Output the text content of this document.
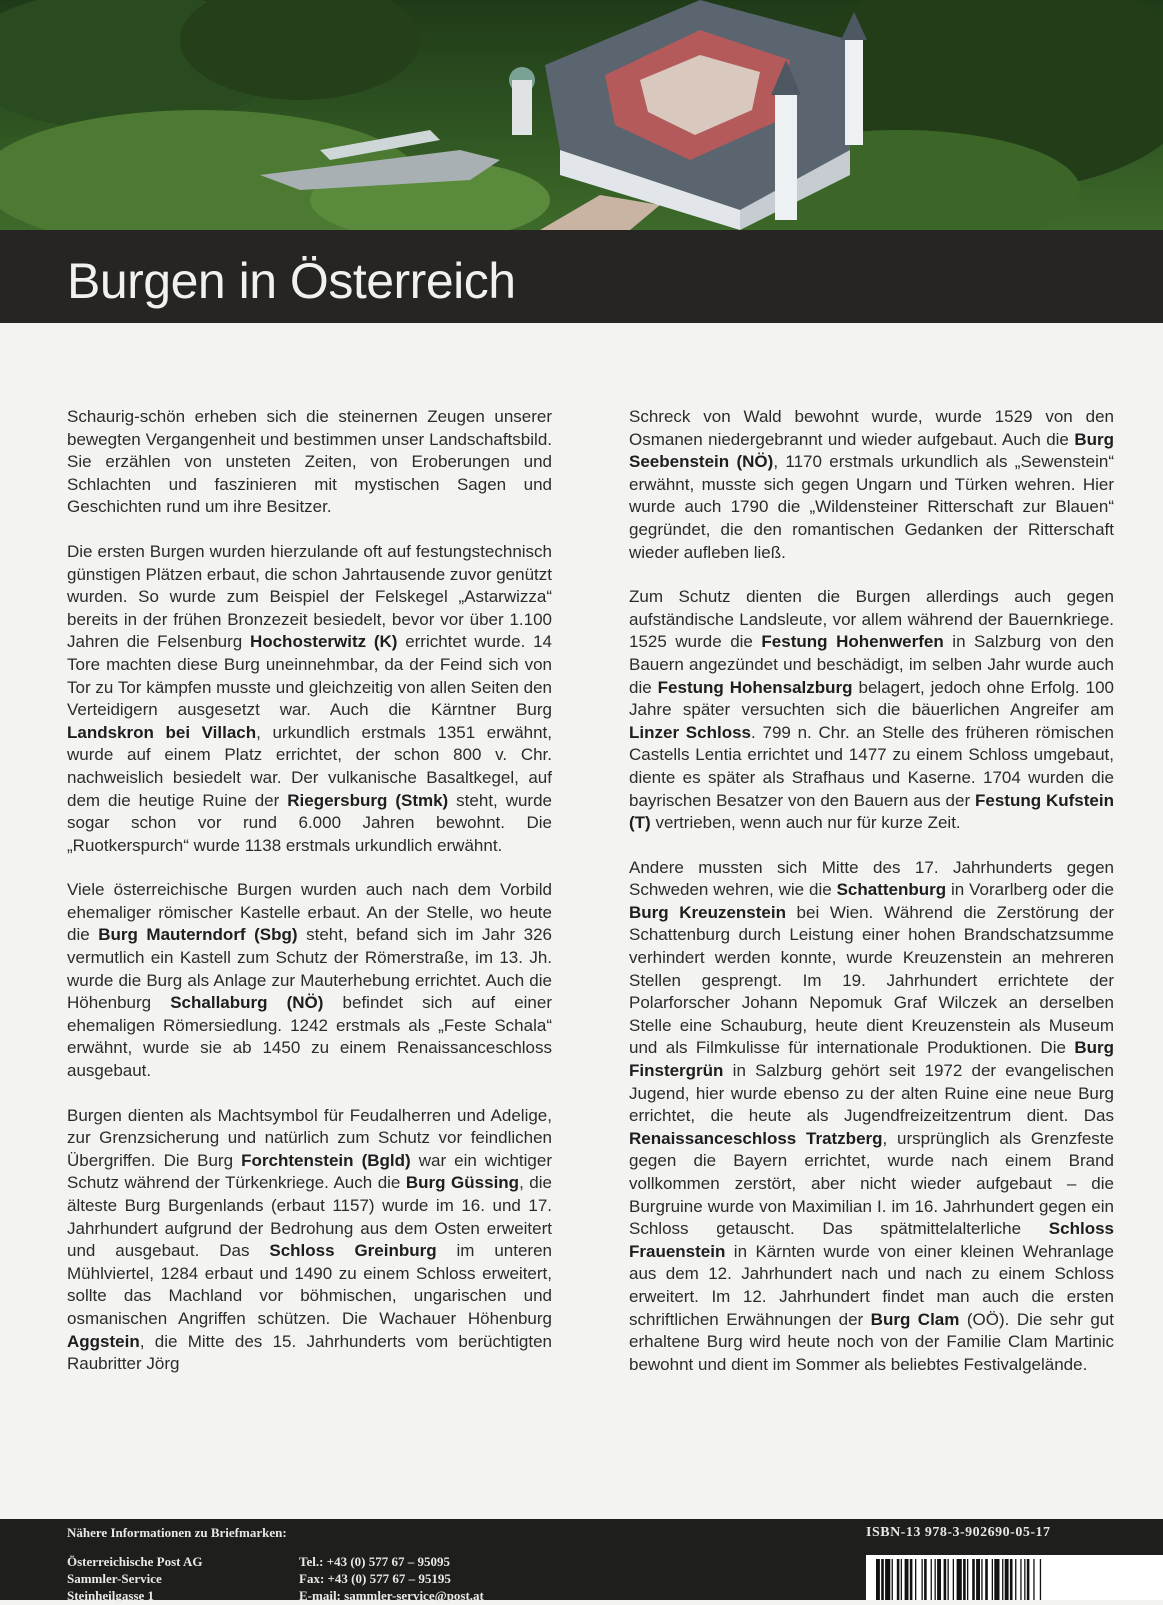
Burgen in Österreich

Schaurig-schön erheben sich die steinernen Zeugen unserer bewegten Vergangenheit und bestimmen unser Landschaftsbild. Sie erzählen von unsteten Zeiten, von Eroberungen und Schlachten und faszinieren mit mystischen Sagen und Geschichten rund um ihre Besitzer.

Die ersten Burgen wurden hierzulande oft auf festungstechnisch günstigen Plätzen erbaut, die schon Jahrtausende zuvor genützt wurden. So wurde zum Beispiel der Felskegel „Astarwizza“ bereits in der frühen Bronzezeit besiedelt, bevor vor über 1.100 Jahren die Felsenburg Hochosterwitz (K) errichtet wurde. 14 Tore machten diese Burg uneinnehmbar, da der Feind sich von Tor zu Tor kämpfen musste und gleichzeitig von allen Seiten den Verteidigern ausgesetzt war. Auch die Kärntner Burg Landskron bei Villach, urkundlich erstmals 1351 erwähnt, wurde auf einem Platz errichtet, der schon 800 v. Chr. nachweislich besiedelt war. Der vulkanische Basaltkegel, auf dem die heutige Ruine der Riegersburg (Stmk) steht, wurde sogar schon vor rund 6.000 Jahren bewohnt. Die „Ruotkerspurch“ wurde 1138 erstmals urkundlich erwähnt.

Viele österreichische Burgen wurden auch nach dem Vorbild ehemaliger römischer Kastelle erbaut. An der Stelle, wo heute die Burg Mauterndorf (Sbg) steht, befand sich im Jahr 326 vermutlich ein Kastell zum Schutz der Römerstraße, im 13. Jh. wurde die Burg als Anlage zur Mauterhebung errichtet. Auch die Höhenburg Schallaburg (NÖ) befindet sich auf einer ehemaligen Römersiedlung. 1242 erstmals als „Feste Schala“ erwähnt, wurde sie ab 1450 zu einem Renaissanceschloss ausgebaut.

Burgen dienten als Machtsymbol für Feudalherren und Adelige, zur Grenzsicherung und natürlich zum Schutz vor feindlichen Übergriffen. Die Burg Forchtenstein (Bgld) war ein wichtiger Schutz während der Türkenkriege. Auch die Burg Güssing, die älteste Burg Burgenlands (erbaut 1157) wurde im 16. und 17. Jahrhundert aufgrund der Bedrohung aus dem Osten erweitert und ausgebaut. Das Schloss Greinburg im unteren Mühlviertel, 1284 erbaut und 1490 zu einem Schloss erweitert, sollte das Machland vor böhmischen, ungarischen und osmanischen Angriffen schützen. Die Wachauer Höhenburg Aggstein, die Mitte des 15. Jahrhunderts vom berüchtigten Raubritter Jörg

Schreck von Wald bewohnt wurde, wurde 1529 von den Osmanen niedergebrannt und wieder aufgebaut. Auch die Burg Seebenstein (NÖ), 1170 erstmals urkundlich als „Sewenstein“ erwähnt, musste sich gegen Ungarn und Türken wehren. Hier wurde auch 1790 die „Wildensteiner Ritterschaft zur Blauen“ gegründet, die den romantischen Gedanken der Ritterschaft wieder aufleben ließ.

Zum Schutz dienten die Burgen allerdings auch gegen aufständische Landsleute, vor allem während der Bauernkriege. 1525 wurde die Festung Hohenwerfen in Salzburg von den Bauern angezündet und beschädigt, im selben Jahr wurde auch die Festung Hohensalzburg belagert, jedoch ohne Erfolg. 100 Jahre später versuchten sich die bäuerlichen Angreifer am Linzer Schloss. 799 n. Chr. an Stelle des früheren römischen Castells Lentia errichtet und 1477 zu einem Schloss umgebaut, diente es später als Strafhaus und Kaserne. 1704 wurden die bayrischen Besatzer von den Bauern aus der Festung Kufstein (T) vertrieben, wenn auch nur für kurze Zeit.

Andere mussten sich Mitte des 17. Jahrhunderts gegen Schweden wehren, wie die Schattenburg in Vorarlberg oder die Burg Kreuzenstein bei Wien. Während die Zerstörung der Schattenburg durch Leistung einer hohen Brandschatzsumme verhindert werden konnte, wurde Kreuzenstein an mehreren Stellen gesprengt. Im 19. Jahrhundert errichtete der Polarforscher Johann Nepomuk Graf Wilczek an derselben Stelle eine Schauburg, heute dient Kreuzenstein als Museum und als Filmkulisse für internationale Produktionen. Die Burg Finstergrün in Salzburg gehört seit 1972 der evangelischen Jugend, hier wurde ebenso zu der alten Ruine eine neue Burg errichtet, die heute als Jugendfreizeitzentrum dient. Das Renaissanceschloss Tratzberg, ursprünglich als Grenzfeste gegen die Bayern errichtet, wurde nach einem Brand vollkommen zerstört, aber nicht wieder aufgebaut – die Burgruine wurde von Maximilian I. im 16. Jahrhundert gegen ein Schloss getauscht. Das spätmittelalterliche Schloss Frauenstein in Kärnten wurde von einer kleinen Wehranlage aus dem 12. Jahrhundert nach und nach zu einem Schloss erweitert. Im 12. Jahrhundert findet man auch die ersten schriftlichen Erwähnungen der Burg Clam (OÖ). Die sehr gut erhaltene Burg wird heute noch von der Familie Clam Martinic bewohnt und dient im Sommer als beliebtes Festivalgelände.

Nähere Informationen zu Briefmarken:
Österreichische Post AG
Sammler-Service
Steinheilgasse 1
Tel.: +43 (0) 577 67 – 95095
Fax: +43 (0) 577 67 – 95195
E-mail: sammler-service@post.at
ISBN-13 978-3-902690-05-17
